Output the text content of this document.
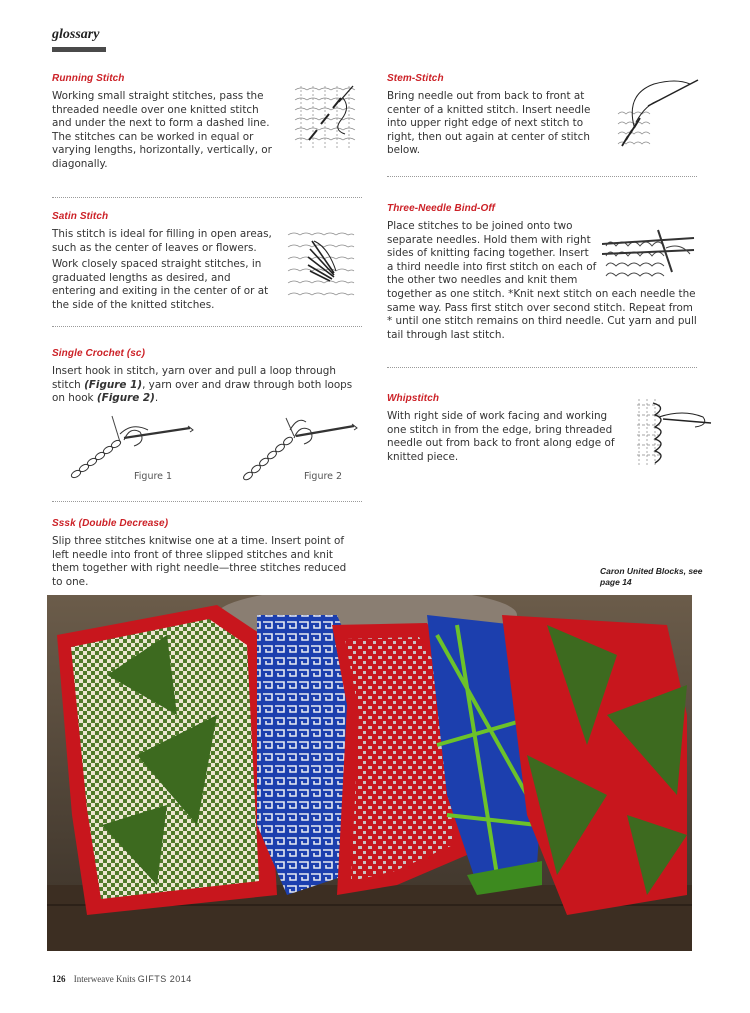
glossary
Running Stitch

Working small straight stitches, pass the threaded needle over one knitted stitch and under the next to form a dashed line. The stitches can be worked in equal or varying lengths, horizontally, vertically, or diagonally.

Satin Stitch

This stitch is ideal for filling in open areas, such as the center of leaves or flowers.

Work closely spaced straight stitches, in graduated lengths as desired, and entering and exiting in the center of or at the side of the knitted stitches.

Single Crochet (sc)

Insert hook in stitch, yarn over and pull a loop through stitch (Figure 1), yarn over and draw through both loops on hook (Figure 2).

Figure 1	Figure 2
Sssk (Double Decrease)

Slip three stitches knitwise one at a time. Insert point of left needle into front of three slipped stitches and knit them together with right needle—three stitches reduced to one.

Stem-Stitch

Bring needle out from back to front at center of a knitted stitch. Insert needle into upper right edge of next stitch to right, then out again at center of stitch below.

Three-Needle Bind-Off

Place stitches to be joined onto two separate needles. Hold them with right sides of knitting facing together. Insert a third needle into first stitch on each of the other two needles and knit them together as one stitch. *Knit next stitch on each needle the same way. Pass first stitch over second stitch. Repeat from * until one stitch remains on third needle. Cut yarn and pull tail through last stitch.

Whipstitch

With right side of work facing and working one stitch in from the edge, bring threaded needle out from back to front along edge of knitted piece.

Caron United Blocks, see page 14
126 Interweave Knits GIFTS 2014
